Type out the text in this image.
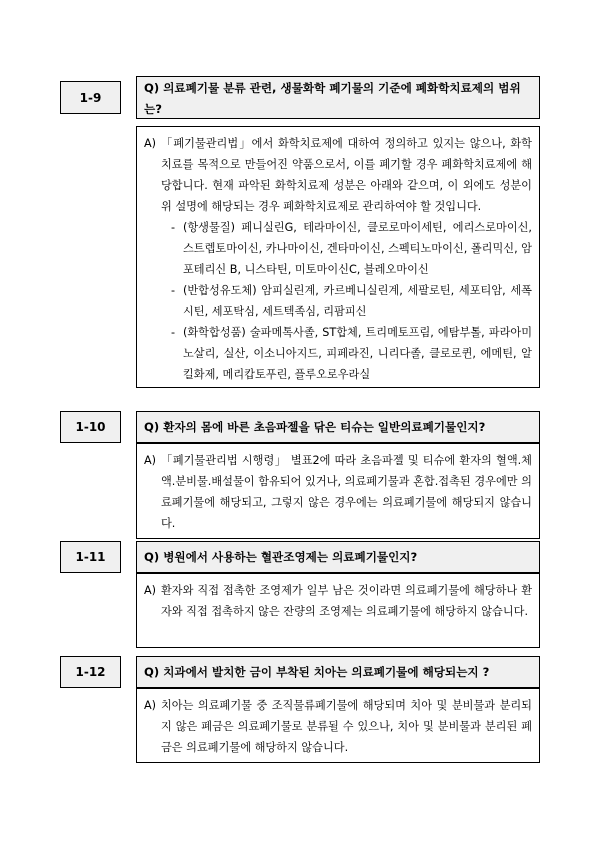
1-9
Q) 의료폐기물 분류 관련, 생물화학 폐기물의 기준에 폐화학치료제의 범위는?
A) 「폐기물관리법」에서 화학치료제에 대하여 정의하고 있지는 않으나, 화학치료를 목적으로 만들어진 약품으로서, 이를 폐기할 경우 폐화학치료제에 해당합니다. 현재 파악된 화학치료제 성분은 아래와 같으며, 이 외에도 성분이 위 설명에 해당되는 경우 폐화학치료제로 관리하여야 할 것입니다.
- (항생물질) 페니실린G, 테라마이신, 클로로마이세틴, 에리스로마이신, 스트렙토마이신, 카나마이신, 겐타마이신, 스펙티노마이신, 폴리믹신, 암포테리신 B, 니스타틴, 미토마이신C, 블레오마이신
- (반합성유도체) 암피실린계, 카르베니실린계, 세팔로틴, 세포티암, 세폭시틴, 세포탁심, 세트텍족심, 리팜피신
- (화학합성품) 술파메톡사졸, ST합체, 트리메토프림, 에탐부톨, 파라아미노살리, 실산, 이소니아지드, 피페라진, 니리다졸, 클로로퀸, 에메틴, 알킬화제, 메리캅토푸린, 플루오로우라실
1-10	Q) 환자의 몸에 바른 초음파젤을 닦은 티슈는 일반의료폐기물인지?
A) 「폐기물관리법 시행령」 별표2에 따라 초음파젤 및 티슈에 환자의 혈액.체액.분비물.배설물이 함유되어 있거나, 의료폐기물과 혼합.접촉된 경우에만 의료폐기물에 해당되고, 그렇지 않은 경우에는 의료폐기물에 해당되지 않습니다.
1-11	Q) 병원에서 사용하는 혈관조영제는 의료폐기물인지?
A) 환자와 직접 접촉한 조영제가 일부 남은 것이라면 의료폐기물에 해당하나 환자와 직접 접촉하지 않은 잔량의 조영제는 의료폐기물에 해당하지 않습니다.
1-12	Q) 치과에서 발치한 금이 부착된 치아는 의료폐기물에 해당되는지 ?
A) 치아는 의료폐기물 중 조직물류폐기물에 해당되며 치아 및 분비물과 분리되지 않은 폐금은 의료폐기물로 분류될 수 있으나, 치아 및 분비물과 분리된 폐금은 의료폐기물에 해당하지 않습니다.
